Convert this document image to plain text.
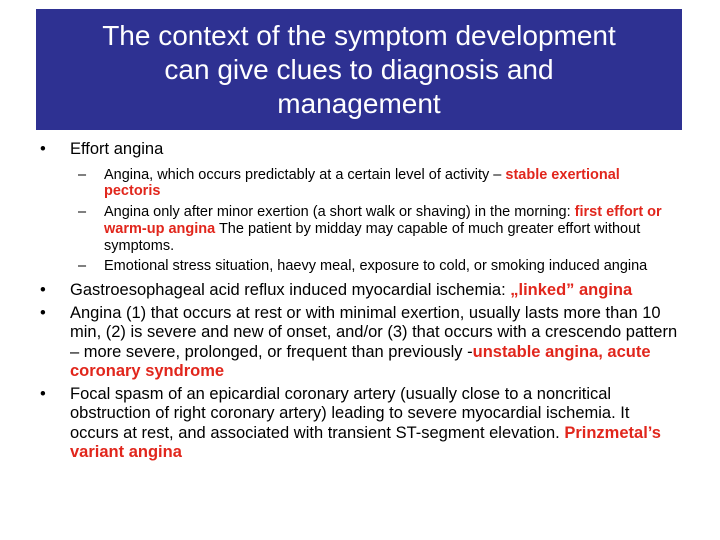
The context of the symptom development
can give clues to diagnosis and
management

• Effort angina
– Angina, which occurs predictably at a certain level of activity – stable exertional pectoris
– Angina only after minor exertion (a short walk or shaving) in the morning: first effort or warm-up angina The patient by midday may capable of much greater effort without symptoms.
– Emotional stress situation, haevy meal, exposure to cold, or smoking induced angina
• Gastroesophageal acid reflux induced myocardial ischemia: „linked” angina
• Angina (1) that occurs at rest or with minimal exertion, usually lasts more than 10 min, (2) is severe and new of onset, and/or (3) that occurs with a crescendo pattern – more severe, prolonged, or frequent than previously -unstable angina, acute coronary syndrome
• Focal spasm of an epicardial coronary artery (usually close to a noncritical obstruction of right coronary artery) leading to severe myocardial ischemia. It occurs at rest, and associated with transient ST-segment elevation. Prinzmetal’s variant angina
